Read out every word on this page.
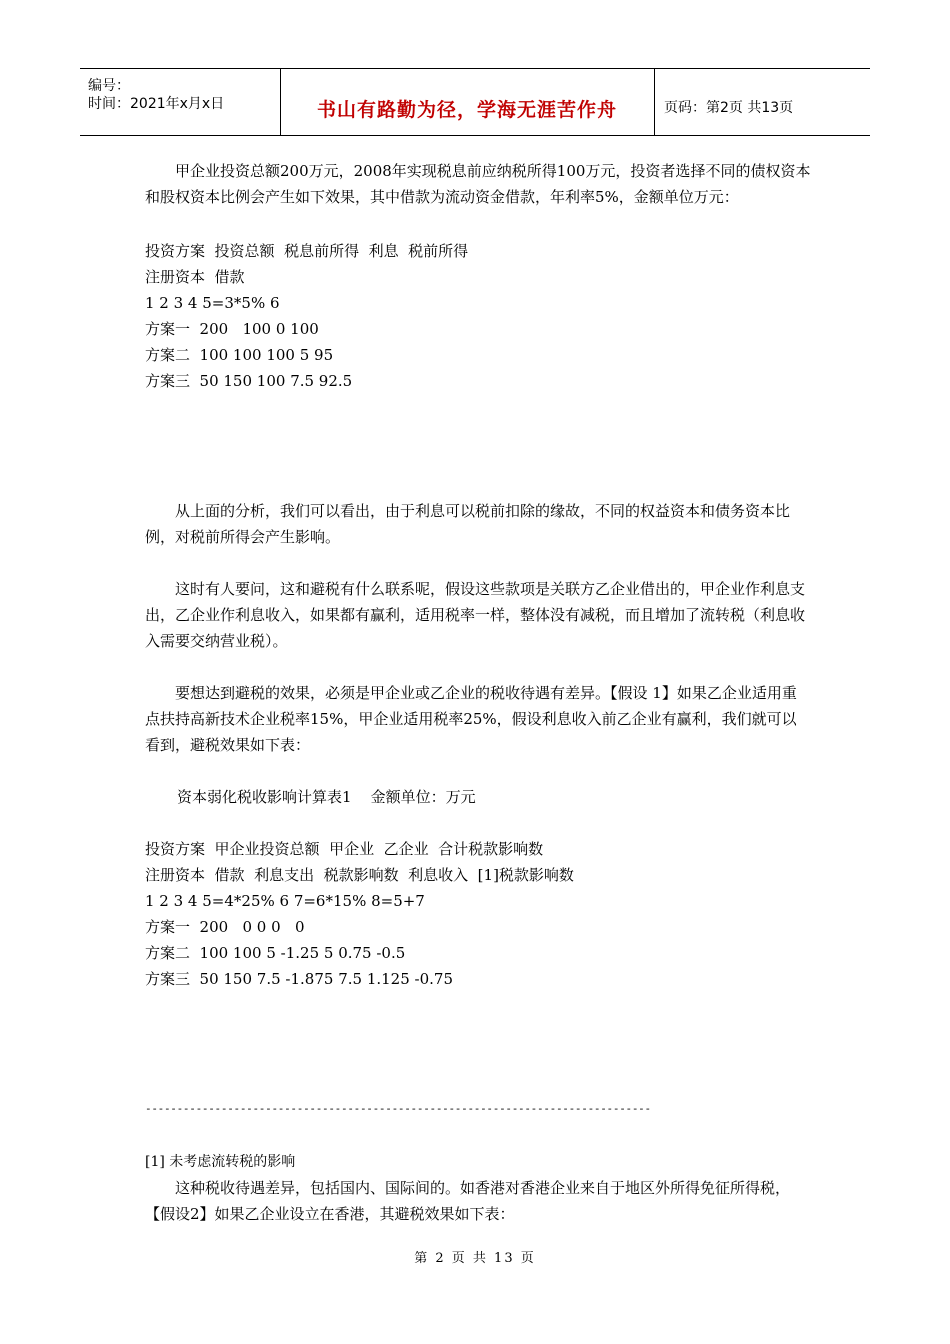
编号：
时间：2021年x月x日	书山有路勤为径，学海无涯苦作舟	页码：第2页 共13页
甲企业投资总额200万元，2008年实现税息前应纳税所得100万元，投资者选择不同的债权资本和股权资本比例会产生如下效果，其中借款为流动资金借款，年利率5%，金额单位万元：
投资方案  投资总额  税息前所得  利息  税前所得
注册资本  借款
1 2 3 4 5=3*5% 6
方案一  200   100 0 100
方案二  100 100 100 5 95
方案三  50 150 100 7.5 92.5
从上面的分析，我们可以看出，由于利息可以税前扣除的缘故，不同的权益资本和债务资本比例，对税前所得会产生影响。
这时有人要问，这和避税有什么联系呢，假设这些款项是关联方乙企业借出的，甲企业作利息支出，乙企业作利息收入，如果都有赢利，适用税率一样，整体没有减税，而且增加了流转税（利息收入需要交纳营业税）。
要想达到避税的效果，必须是甲企业或乙企业的税收待遇有差异。【假设 1】如果乙企业适用重点扶持高新技术企业税率15%，甲企业适用税率25%，假设利息收入前乙企业有赢利，我们就可以看到，避税效果如下表：
资本弱化税收影响计算表1    金额单位：万元
投资方案  甲企业投资总额  甲企业  乙企业  合计税款影响数
注册资本  借款  利息支出  税款影响数  利息收入  [1]税款影响数
1 2 3 4 5=4*25% 6 7=6*15% 8=5+7
方案一  200   0 0 0   0
方案二  100 100 5 -1.25 5 0.75 -0.5
方案三  50 150 7.5 -1.875 7.5 1.125 -0.75
--------------------------------------------------------------------------------
[1] 未考虑流转税的影响
这种税收待遇差异，包括国内、国际间的。如香港对香港企业来自于地区外所得免征所得税，【假设2】如果乙企业设立在香港，其避税效果如下表：
第 2 页 共 13 页
